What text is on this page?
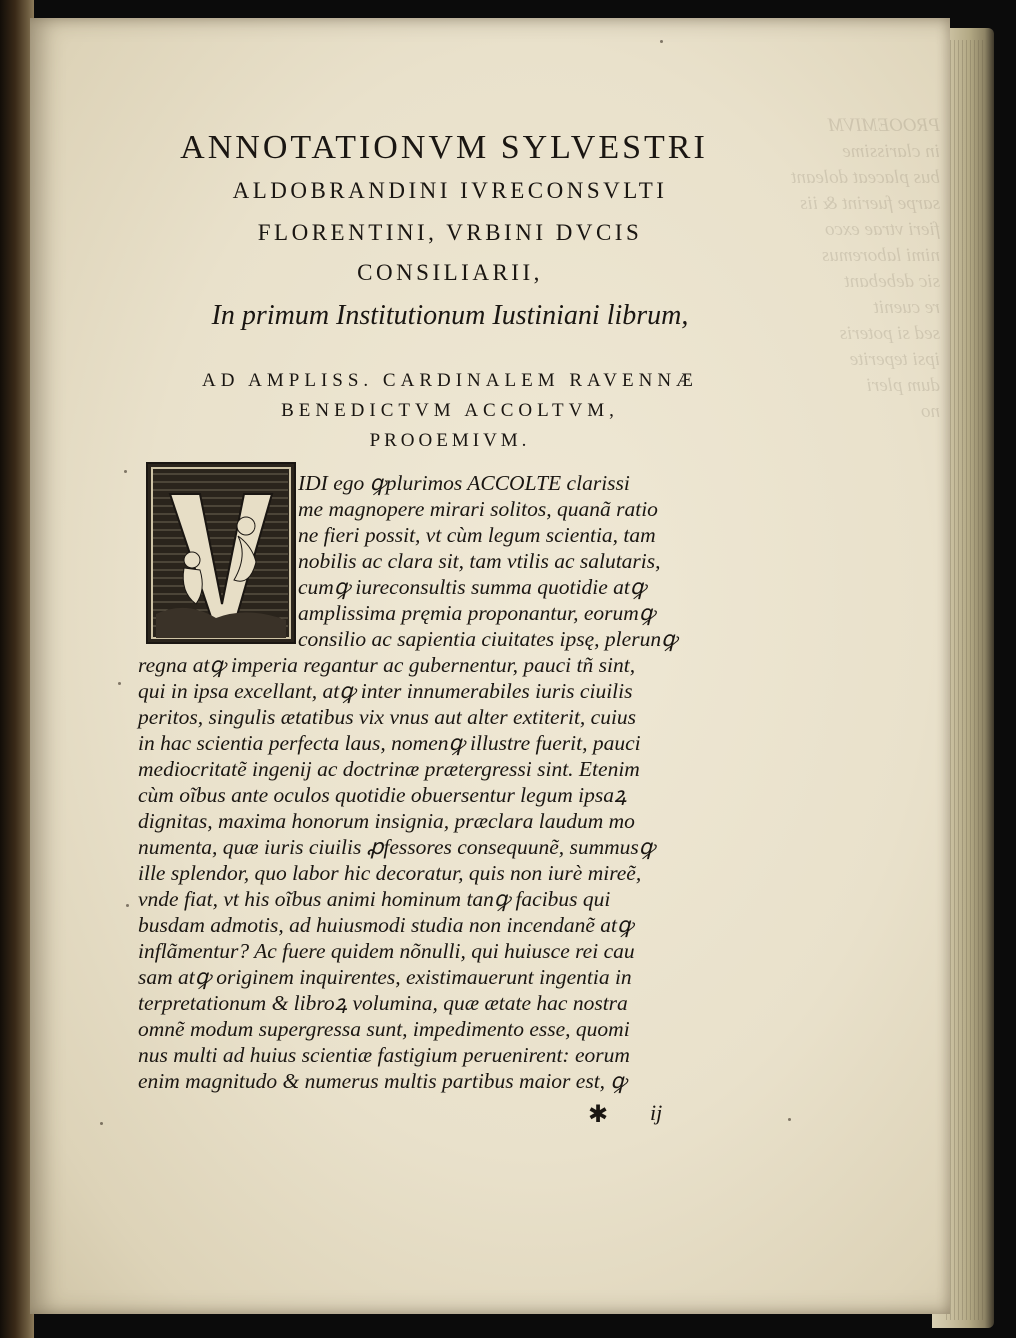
PROOEMIVM
in clarissime
bus placeat doleant
sarpe fuerint & iis
fieri vtrae exco
nimi laboremus
sic debebant
re cuenit
sed si poteris
ipsi teperite
dum pleri
no
ANNOTATIONVM SYLVESTRI
ALDOBRANDINI IVRECONSVLTI
FLORENTINI, VRBINI DVCIS
CONSILIARII,
In primum Institutionum Iustiniani librum,
AD AMPLISS. CARDINALEM RAVENNÆ
BENEDICTVM ACCOLTVM,
PROOEMIVM.
IDI ego ꝙplurimos ACCOLTE clarissi
me magnopere mirari solitos, quanã ratio
ne fieri possit, vt cùm legum scientia, tam
nobilis ac clara sit, tam vtilis ac salutaris,
cumꝙ iureconsultis summa quotidie atꝙ
amplissima pręmia proponantur, eorumꝙ
consilio ac sapientia ciuitates ipsę, plerunꝙ
regna atꝙ imperia regantur ac gubernentur, pauci tñ sint,
qui in ipsa excellant, atꝙ inter innumerabiles iuris ciuilis
peritos, singulis ætatibus vix vnus aut alter extiterit, cuius
in hac scientia perfecta laus, nomenꝙ illustre fuerit, pauci
mediocritatẽ ingenij ac doctrinæ prætergressi sint. Etenim
cùm oĩbus ante oculos quotidie obuersentur legum ipsaꝝ
dignitas, maxima honorum insignia, præclara laudum mo
numenta, quæ iuris ciuilis ꝓfessores consequunẽ, summusꝙ
ille splendor, quo labor hic decoratur, quis non iurè mireẽ,
vnde fiat, vt his oĩbus animi hominum tanꝙ facibus qui
busdam admotis, ad huiusmodi studia non incendanẽ atꝙ
inflãmentur? Ac fuere quidem nõnulli, qui huiusce rei cau
sam atꝙ originem inquirentes, existimauerunt ingentia in
terpretationum & libroꝝ volumina, quæ ætate hac nostra
omnẽ modum supergressa sunt, impedimento esse, quomi
nus multi ad huius scientiæ fastigium peruenirent: eorum
enim magnitudo & numerus multis partibus maior est, ꝙ
✱ ij
